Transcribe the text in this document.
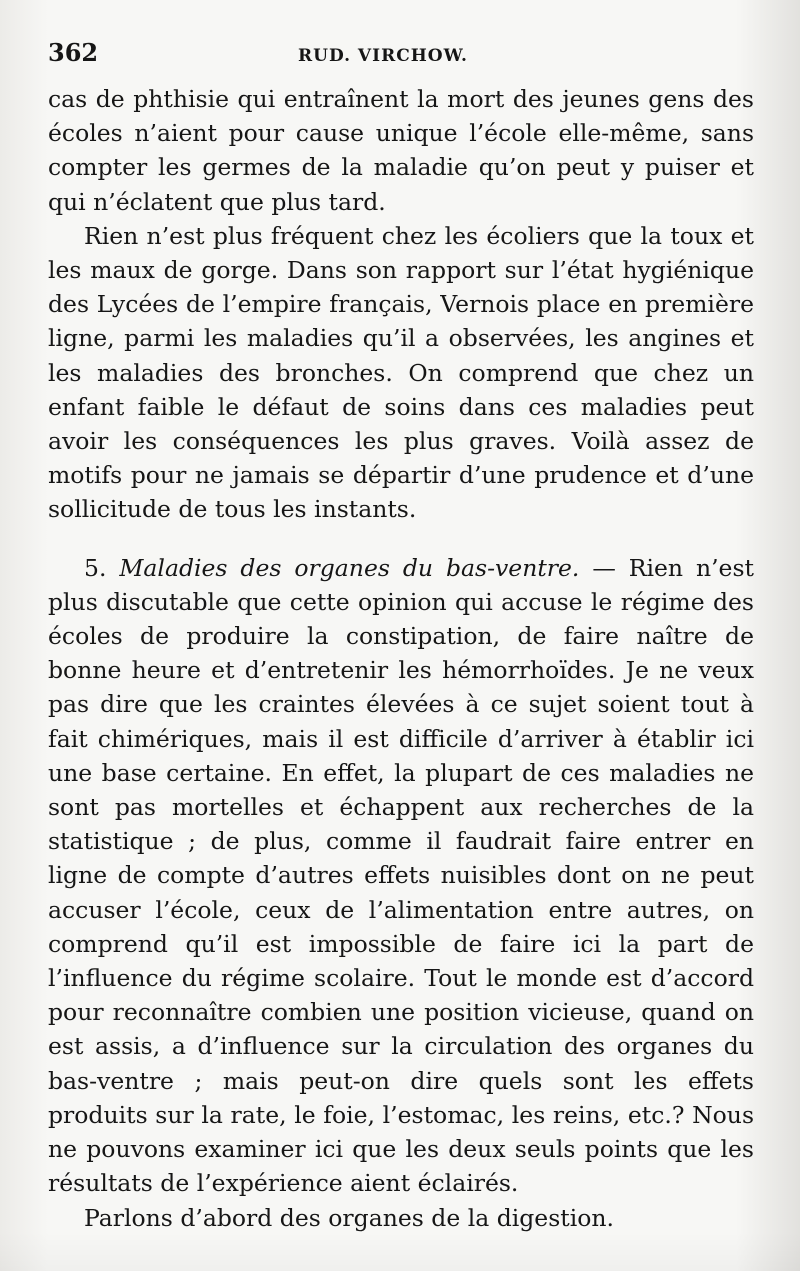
362	RUD. VIRCHOW.

cas de phthisie qui entraînent la mort des jeunes gens des écoles n’aient pour cause unique l’école elle-même, sans compter les germes de la maladie qu’on peut y puiser et qui n’éclatent que plus tard.

Rien n’est plus fréquent chez les écoliers que la toux et les maux de gorge. Dans son rapport sur l’état hygiénique des Lycées de l’empire français, Vernois place en première ligne, parmi les maladies qu’il a observées, les angines et les maladies des bronches. On comprend que chez un enfant faible le défaut de soins dans ces maladies peut avoir les conséquences les plus graves. Voilà assez de motifs pour ne jamais se départir d’une prudence et d’une sollicitude de tous les instants.

5. Maladies des organes du bas-ventre. — Rien n’est plus discutable que cette opinion qui accuse le régime des écoles de produire la constipation, de faire naître de bonne heure et d’entretenir les hémorrhoïdes. Je ne veux pas dire que les craintes élevées à ce sujet soient tout à fait chimériques, mais il est difficile d’arriver à établir ici une base certaine. En effet, la plupart de ces maladies ne sont pas mortelles et échappent aux recherches de la statistique ; de plus, comme il faudrait faire entrer en ligne de compte d’autres effets nuisibles dont on ne peut accuser l’école, ceux de l’alimentation entre autres, on comprend qu’il est impossible de faire ici la part de l’influence du régime scolaire. Tout le monde est d’accord pour reconnaître combien une position vicieuse, quand on est assis, a d’influence sur la circulation des organes du bas-ventre ; mais peut-on dire quels sont les effets produits sur la rate, le foie, l’estomac, les reins, etc.? Nous ne pouvons examiner ici que les deux seuls points que les résultats de l’expérience aient éclairés.

Parlons d’abord des organes de la digestion.
